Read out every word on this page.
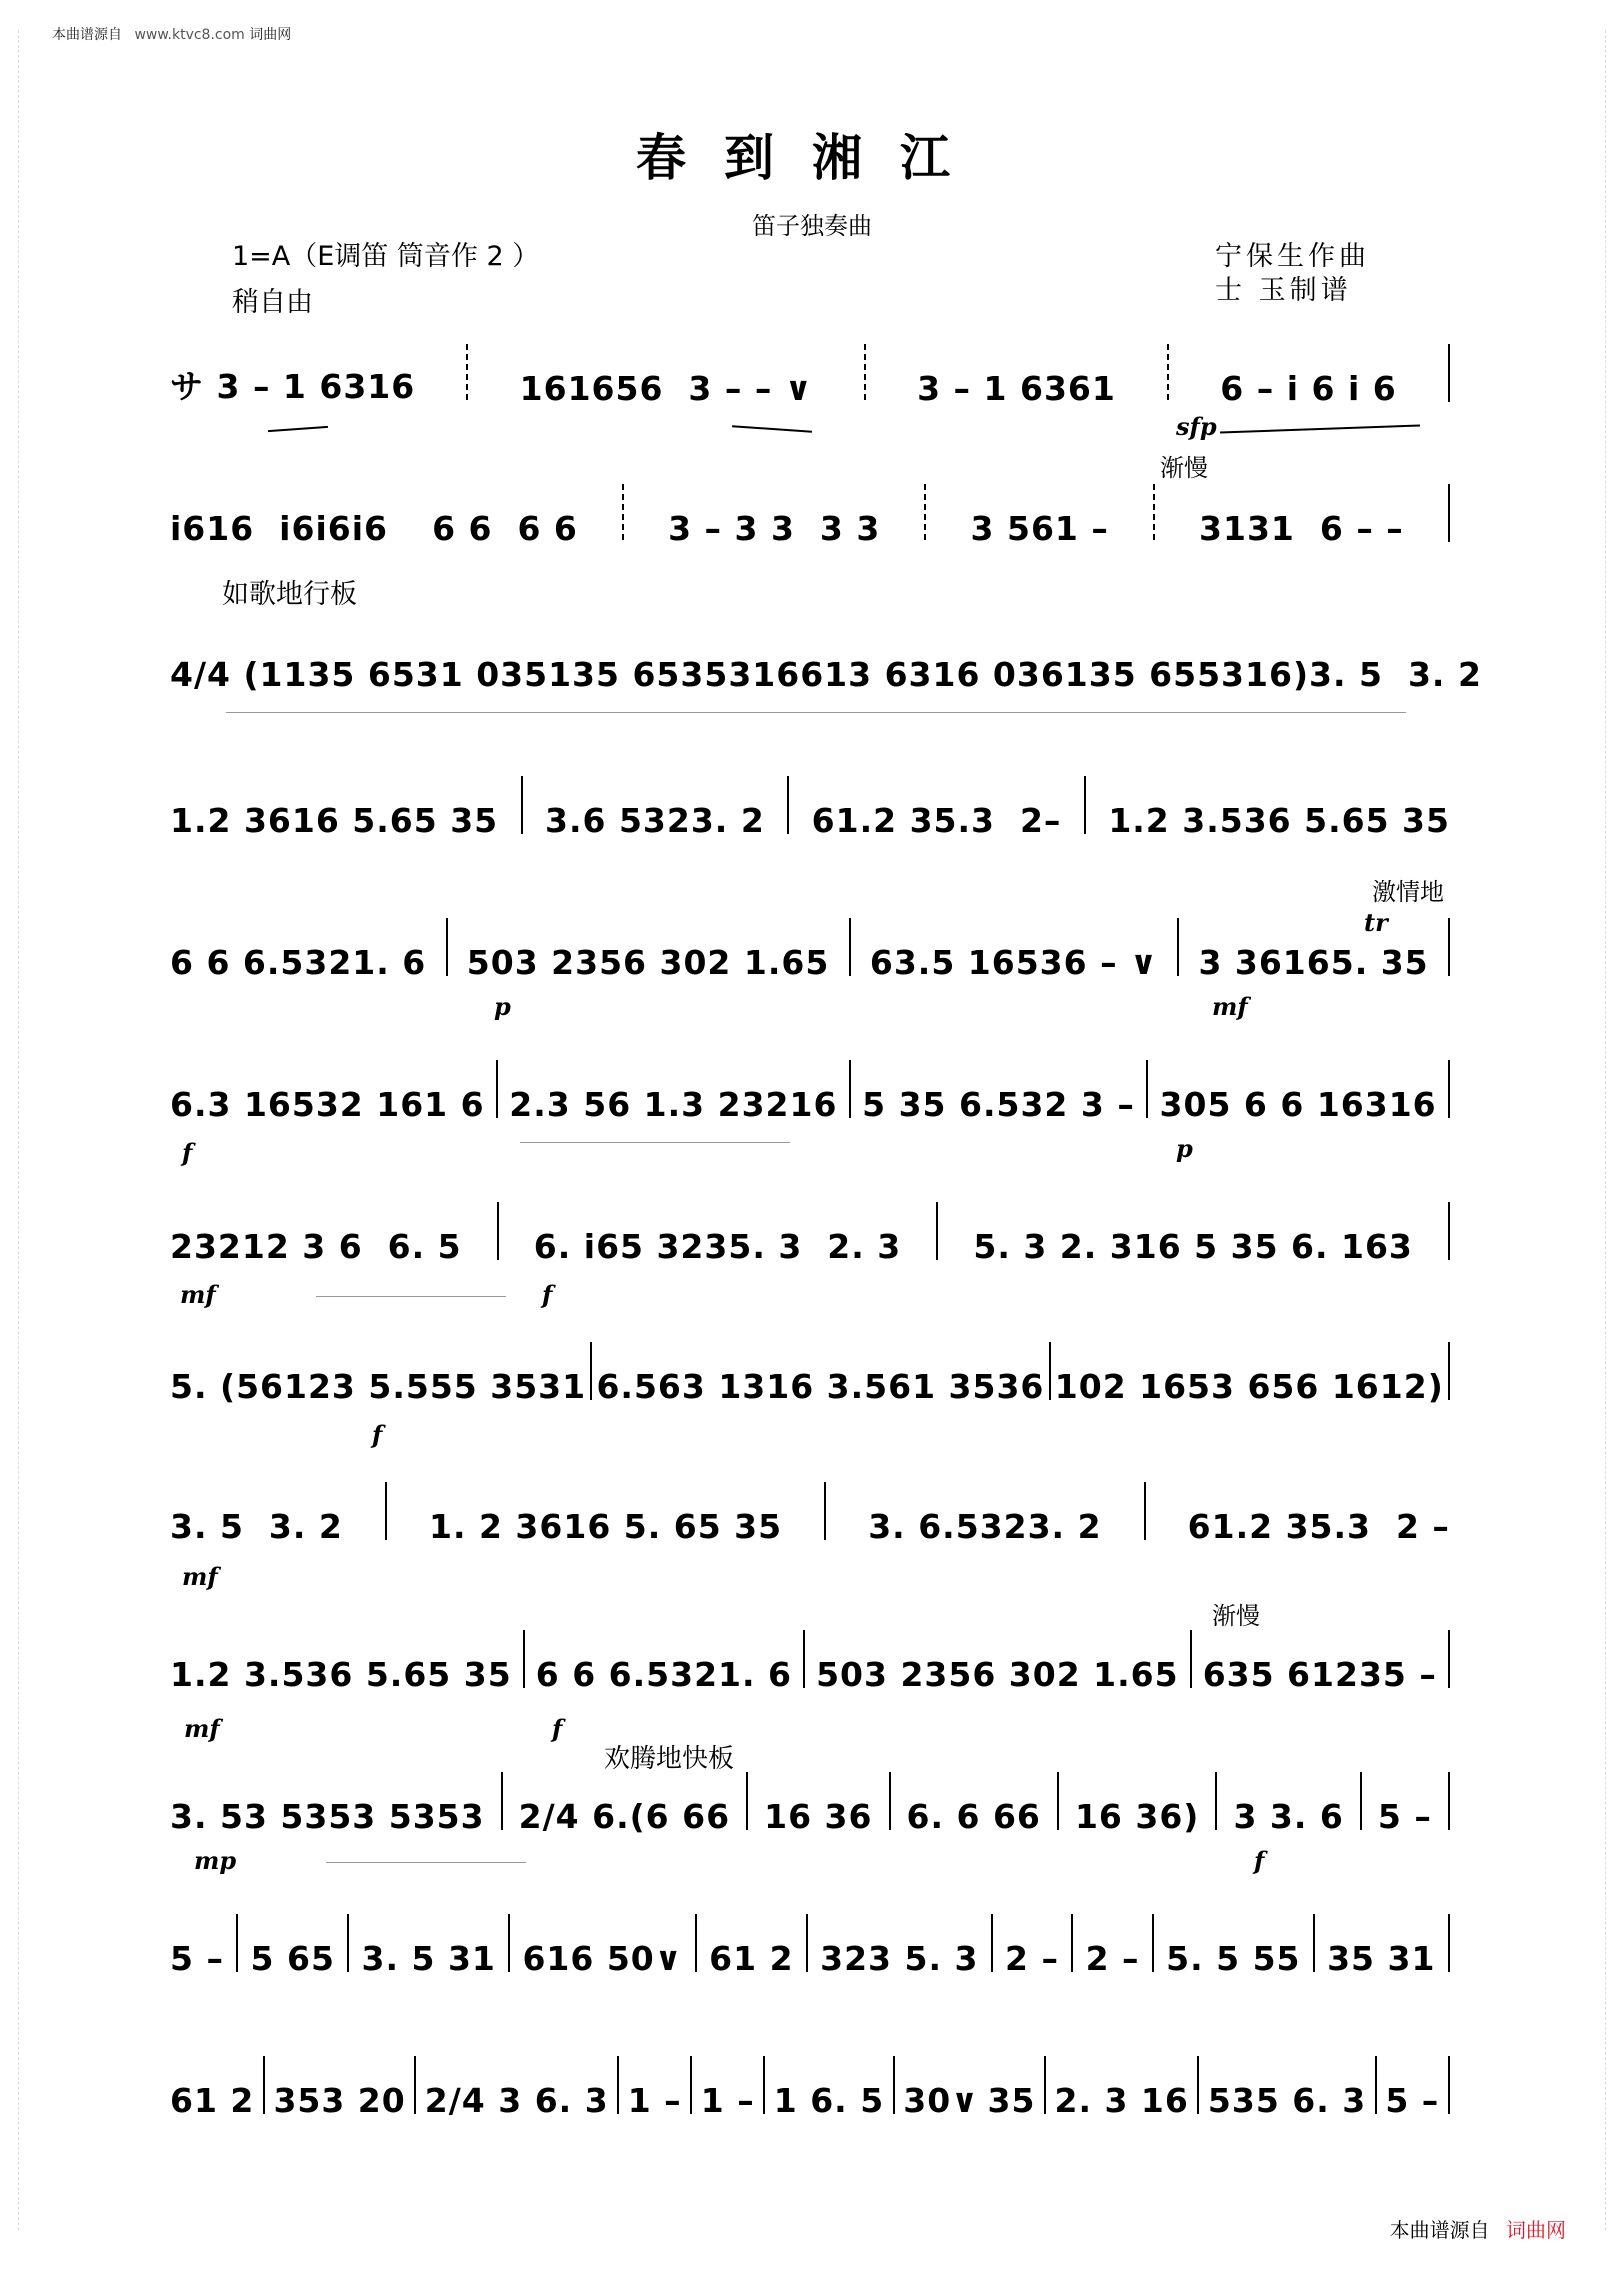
本曲谱源自 www.ktvc8.com 词曲网
春到湘江
笛子独奏曲
1=A（E调笛 筒音作 2 ）	宁保生作曲
士 玉制谱
稍自由
如歌地行板
渐慢
激情地
渐慢
欢腾地快板
サ 3 – 1 6316	161656  3 – – ∨	3 – 1 6361	6 – i 6 i 6
i616  i6i6i6 6 6  6 6	3 – 3 3  3 3	3 561 –	3131  6 – –
4/4 (1135 6531 035135 653531 6613 6316 036135 655316) 3. 5  3. 2
1.2 3616 5.65 35 3.6 5323. 2 61.2 35.3  2– 1.2 3.536 5.65 35
6 6 6.5321. 6 503 2356 302 1.65 63.5 16536 – ∨ 3 36165. 35
6.3 16532 161 6 2.3 56 1.3 23216 5 35 6.532 3 – 305 6 6 16316
23212 3 6  6. 5 6. i65 3235. 3  2. 3 5. 3 2. 316 5 35 6. 163
5. (56123 5.555 3531 6.563 1316 3.561 3536 102 1653 656 1612)
3. 5  3. 2	1. 2 3616 5. 65 35	3. 6.5323. 2	61.2 35.3  2 –
1.2 3.536 5.65 35 6 6 6.5321. 6 503 2356 302 1.65 635 61235 –
3. 53 5353 5353 2/4 6.(6 66 16 36 6. 6 66 16 36) 3 3. 6 5 –
5 – 5 65 3. 5 31 616 50∨ 61 2 323 5. 3 2 – 2 – 5. 5 55 35 31
61 2 353 20 2/4 3 6. 3 1 – 1 – 1 6. 5 30∨ 35 2. 3 16 535 6. 3 5 –
sfp
p	mf
tr
f	p
mf	f
f
mf
mf	f
mp	f
本曲谱源自 词曲网
